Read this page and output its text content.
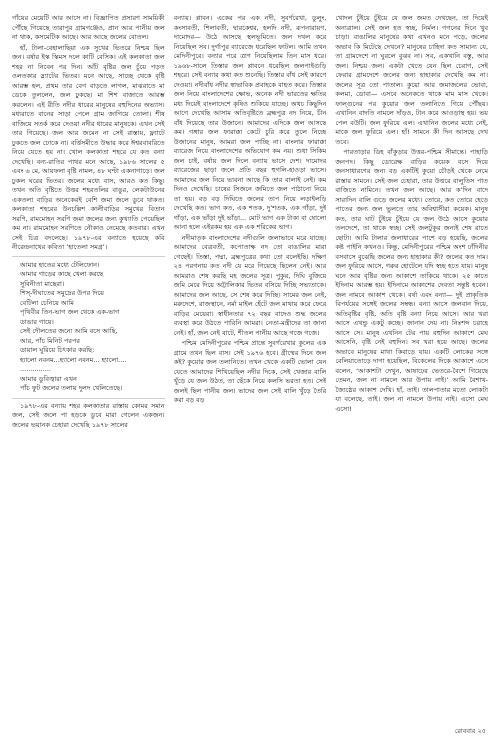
গাঁয়ের মেয়েটি আর আসে না। বিজ্ঞাপিত প্রসারণ সাময়িকী পৌঁছে গিয়েছে তারাপুর গ্রামগঞ্জেও, প্রান আর পানীয় জল না থাক, কসমেটিক আছে। আর আছে জলের বোতল।

হাঁ, টালা-বেহালাছিয়া এক সুখের ভিতরে নিশ্চয় ছিল জন। বৰ্ষার ইস্ক স্কিমস দলে কাটি বেসিক। এই কলকাতা জল শহর না নিবেন পর দিন। আঁট বৃষ্টির জল চুঁয়ে পড়ত ওলতকার স্ল্যাটের ভিতর। মনে আছে, সাচ্ছে থেকে বৃষ্টি আরম্ভ হল, প্রথম তার বেগ বাড়তে লাগল, মাঝরাতে মা ডেকে তুললেন, জল ঢুকছে। মা শিশ বাজাতে আরম্ভ করলেন। এই রীতি নদীর ধারের মানুষের বহুদিনের অভ্যাস। মধ্যরাতে বানের সাড়া পেলে গ্রাম জাগিয়ে তোলা। শীষ বাজিয়ে সতর্ক করে দেওয়া নদীর ধারের মানুষকে। এখন সেই তার গিয়েছে। জল আর জমেন না সেই রাস্তায়, ফ্ল্যাটে ঢুকতে জল ঢোকে না। বর্ত্তিসমীতে উদ্ধার করে ঈশ্বরবাবরিতে নিয়ে যেতে হয় না। খোল কলকাতা শহরে যে কত বন্যা দেখেছি। বন্য-রাতির পাথর মনে আছে, ১৯৮৬ সালের ৫ এবং ৬ মে, আয়ফলা বৃষ্টি নামল, ৪৮ ঘণ্টা একনাগাড়ে। জল ঢুকল ঘরের ভিতর। জলের মধ্যে বাস, আরও কত কিছু। তখন অতি বৃষ্টিতে উত্তর শহরতলির বাঙুর, লেকটাউনের একতলা বাড়ির অনেকেরই বেশি জমা জলে ডুবে থাকত। কলকাতা শহরের উনচল্লিশ কালীবাড়ির সমুখের বিতান সরণি, রামমোহন সরণি জমা জলের জন্য কুখ্যাতি পেয়েছিল কম না। রামমোহন সরণিতে নৌকাও নেমেছে কতবার। এখন সেই চিত্র বদলেছে। ১৯৭৮-এর বন্যাতে হয়েছে কবি নীরেন্দ্রনাথের কবিতা ‘হাতেলা সমগ্র’।

আমার হাতের মধ্যে টেলিফোন।
আমার গাড়ের কাছে খেলা করছে
সুবিনীতা মাছেরা।
শিস্-দীঘাতের সমুদ্রের উপর দিয়ে
বেটিলা চেনিয়ে আমি
পৃথিবীর তিন-ভাগ জল থেকে এক-ভাগ
ডাঙার গায়ে।
সেই দৌলতের জন্যে আমি বসে আছি,
আর, পাঁচ মিনিট পরপর
ডায়াল ঘুরিয়ে চিৎকার করছি:
হ্যালো নবনম...হ্যালো নবনম... হ্যালো....
...............
আমার ডুবিজ্বারা এখন
পাঁচ ফুট জলের তলায় দুলদ খেলিতেছে।

১৯৭৮-এর বন্যায় শহর কলকাতার রাস্তায় কোমর সমান জল, সেই জলে পা হড়কে ডুবে মারা গেলেন একজন। জলের ভয়ানক চেহারা দেখেছি ১৯৭৮ সালের

বন্যায়। প্লাবন। একের পর এক নদী, সুবর্ণরেখা, ডুলুং, কংসাবতী, শিলাবতী, দ্বারকেশ্বর, হলদি নদী, রূপনারায়ণ, দামোদর— উঠে আসছে স্থলভূমিতে। জল দখল করে নিয়েছিল সব। দুর্গাপুর ব্যারেজে ধরেছিল ফাটল। আমি তখন মেদিনীপুরে। বন্যার পরে ত্রাণ নিয়েছিলাম তিন মাস ধরে। ১৯৬৮-সালে তিস্তার জল প্লাবনে ধরেছিল জলপাইগুড়ি শহরে। সেই বন্যার কথা কত শুনেছি। তিস্তার বাঁধ সেই কারণে দেওয়া। নদীবাঁধ নদীর স্বাভাবিক প্রবাহকে বাহত করে। তিস্তার জল নিয়ে বাংলাদেশের ক্ষোভ, অনেক নদী ভারতের ক্ষতির মধ্য দিয়েই বাংলাদেশে কৃষিও শুকিয়ে যাচ্ছে। অথচ কিছুদিন আগে দেখেছি আসাম অতিবৃষ্টিতে ব্রহ্মপুত্র নদ নিয়ে, চীন বাঁধ দিয়েছে তার উজানে। আমাদের এদিকে জল আসছে কম। গঙ্গার জল ফারাক্কা কেটে চুরি করে তুলে নিচ্ছে উজানের মানুষ, আমরা জল পাচ্ছি না। বাংলার ফারাক্কা ব্যারেজ নিয়ে বাংলাদেশের অভিযোগ কম নয়। শুধা সিকিম জল চাই, বর্ষায় জল দিলে বন্যায় ভাসে দেশ। দামোদর ব্যারেজের ছাড়া জলে প্রতি বছর হুগলি-হাওড়া ভাসে। আমাদের জল নিয়ে ভাবনা আছে কি তার বালাই নেই। কম দিনও দেখেছি। চাষের সিজনে জমিতে জল পাঠানো নিয়ে তা হয়। বড় বড় দিঘিতে জলের তাপ নিয়ে লড়াইলড়ি দেখেছি কত। ভাগ কত, এক শতক, দু’শতক, এক গাঁড়া, দুই গাঁড়া, এক ভাঁড়া দুই ভাঁড়া... মোট ভাগ এক টাকা বা ষোলো আনা হলে এইরকম হয় এক এক শরিকের ভাগ।

নদীমাতৃক বাংলাদেশের নদীগুলি জলাভাবে মরে যাচ্ছে। আমাদের বেত্রবতী, কপোতাক্ষ নদ তো বাঙালির মারা গেছেই। তিস্তা, পদ্মা, ব্রহ্মপুত্রের কথা তো বলেইছি। দক্ষিণ ২৪ পরগনায় কত নদী যে মরে গিয়েছে ছিলেন নেই। আর আমরাও শেষ করছি মহ জলের সূত্র। পুকুর, দিঘি বুজিয়ে জমি মেরে দিয়ে অট্টালিকার ভিতর বসিয়ে দিচ্ছি সভ্যতাকে। আমাদের জল আছে, সে শেষ করে দিচ্ছি। সামের জল নেই, মরুদেশে, রাজস্থানে, নর্মা মাইল হেঁটে জল মাথায় করে ফেরে বাড়ির মেয়েরা। স্বাধীনতার ৭২ বছর বাদেও শুদ্ধ জলের ব্যবস্থা করে উঠতে পারিনি আমরা। নেতা-মন্ত্রীদের তা জানা নেই। হাঁ, জল নেই বাটে, শীতল পানীয় আছে গজে গজে।

পশ্চিম মেদিনীপুরের পশ্চিম প্রান্তে সুবর্ণরেখার কুলের এক গ্রামে তখন ছিল বাস। সেই ১৯৭৬ হবে। গ্রীষ্মের দিনে জল কই? কুয়োর জল তলানিতে। তখন খেকে একটি ভোলা যেন যেতে আমাদের শিখিয়েছিল নদীর দিকে, সেই খেজার বালি খুঁড়ে যে জল উঠত, তা ছেঁকে নিয়ে কলসি ভরতা হত। সেই জলই ছিল পানীয় জল। ভাদের জল সেই বালি খুঁড়ে তৈরি করা বড় বড়

খোদল চুঁইয়ে চুঁইয়ে যে জল জমত দেখছেন, তা দিয়েই অন্যত্রাল। সেই জল হত স্বচ্ছ, নির্মল। গগনের দিনে খুব চাড়া। বাঙালির মানুষের কথা এখনও মনে পড়ে, জলের অভাব কি মিটেছে দেখনে? মানুষের চাহিদা কত সামান্য যে, তা গ্রামদেশে না ঘুরলে বুঝব না। সব, একখানি বস্তু, আর জল। নিশ্চয় জল। একটা খেতে যেন ছিল চেরাগ, সেই ফেরার গ্রামদেশে জলের জন্য হাহাকার দেখেছি কম না। জলের সূত্র তো পাতাল। কুয়ো আর জমাজলের ভোবা, কলমা, ডোবা— এসবে অনেকতে থাকে মাম মাস খেকে। ফাল্গুনের পর কুয়োর জল তলানিতে গিয়ে পৌঁছয়। এখানিন বাদতি নামলে দাঁড়ও, টান করে আওড়াস্থ হয়। ভয় পেল বউটি। জল ফুরিয়ে এল। এখানিন জলের মধ্যে নেই, মাকে জল ফুরিয়ে এল। হাঁ! সামনে কী দিন আসছে দেখ তবে।

পারতাড়ার ডিহ বাঁকুড়ার উত্তর-পশ্চিম সীমান্তে। পাহাড়ি জনপদ। কিছু ডোরেক্ষ বাড়ির কয়েক বসে দিয়ে জনসাধারণের জন্য বড় একটিই কুয়ো চৌড়ই থেকে নেমে রাস্তার সামনে। সেই জল চেহারা, তার উত্তরে বালুতিস পাত বাজিতে নামিনে। তখন জল আছে। আর ক’দিন বাদে সারাদিন বালি গুড়ে জলের মধ্যে। তোরে, কত তোরে হেড়ে পাতের জন্য জল ভুলতে তার অবিশ্বাসীরা কয়েক। মানুষ কত, তার ঘাট চুঁইয়ে চুঁইয়ে যে জল উঠে আসে কুয়োর তলদেশে, তা থাকে স্বচ্ছ। সেই জলটুকুর জন্যই শেষ রাতে ছোটা। আমি টালার জলাধারের পাশে বড় হয়েছি, জলের কষ্ট পাইনি কখনও। কিন্তু, মেদিনীপুরের পশ্চিম অংশ ঢাঁদিনীর বসবাসে বুঝেছি জলের জন্য হাহাকার কী? জলের কত দাম। জল ফুরিয়ে আসে, গরুর হোটেলে যদি স্বচ্ছ হতে যায়। মানুষ ঘনে আর বৃষ্টির জন্য আকাশে তাকিয়ে থাকে। ২৫ কাতে ইদিনাম আরম্ভ হয়। ইদিনামে আকাশের দেবতা সন্তুষ্ট হবেন। জল নামবে আকাশ থেকে। বর্ষা এবং বন্যা— দুই প্রাকৃতিক বিপর্যয়ের সঙ্গেই জলের সম্বন্ধ। বন্যা আসে জলবান দিয়ে, অতিবৃষ্টির বৃষ্টি, অতি বৃষ্টি বন্যা নিয়ে আসে। আর খরা আসে এখন্ডু একটু কচ্ছে। জানান দেয় না। নিঃশব্দ চরাহে আসে সে। মানুষ এখনিন টের পায় বহুদিন আকাশে মেঘ আসেনি, বৃষ্টি নেই বহুদিন। সব খরা হয়ে আছে। জলের অভাবে মানুষের মাথা কিবাড়ে যায়। একটি লোকের সঙ্গে বেলিয়াতোড়ে দাগা হয়েছিল, বিকেলের দিকে আকাশে এসে বলেন, ‘আকাশটা দেখুন, আষাঢ়ের ভেতরে-বৈশে গিয়েছে তেমন, জল না নামলে আর উপায় নাই।’ আমি বৈশাখ-জ্যৈষ্ঠের আকাশ দেখি। হাঁ, তাই। তালপাতার মতো লোকটা যা বলেছে, তাই। জল না নামলে উপায় নাই। এসো মেঘ এসো!

রোববার ২৫
